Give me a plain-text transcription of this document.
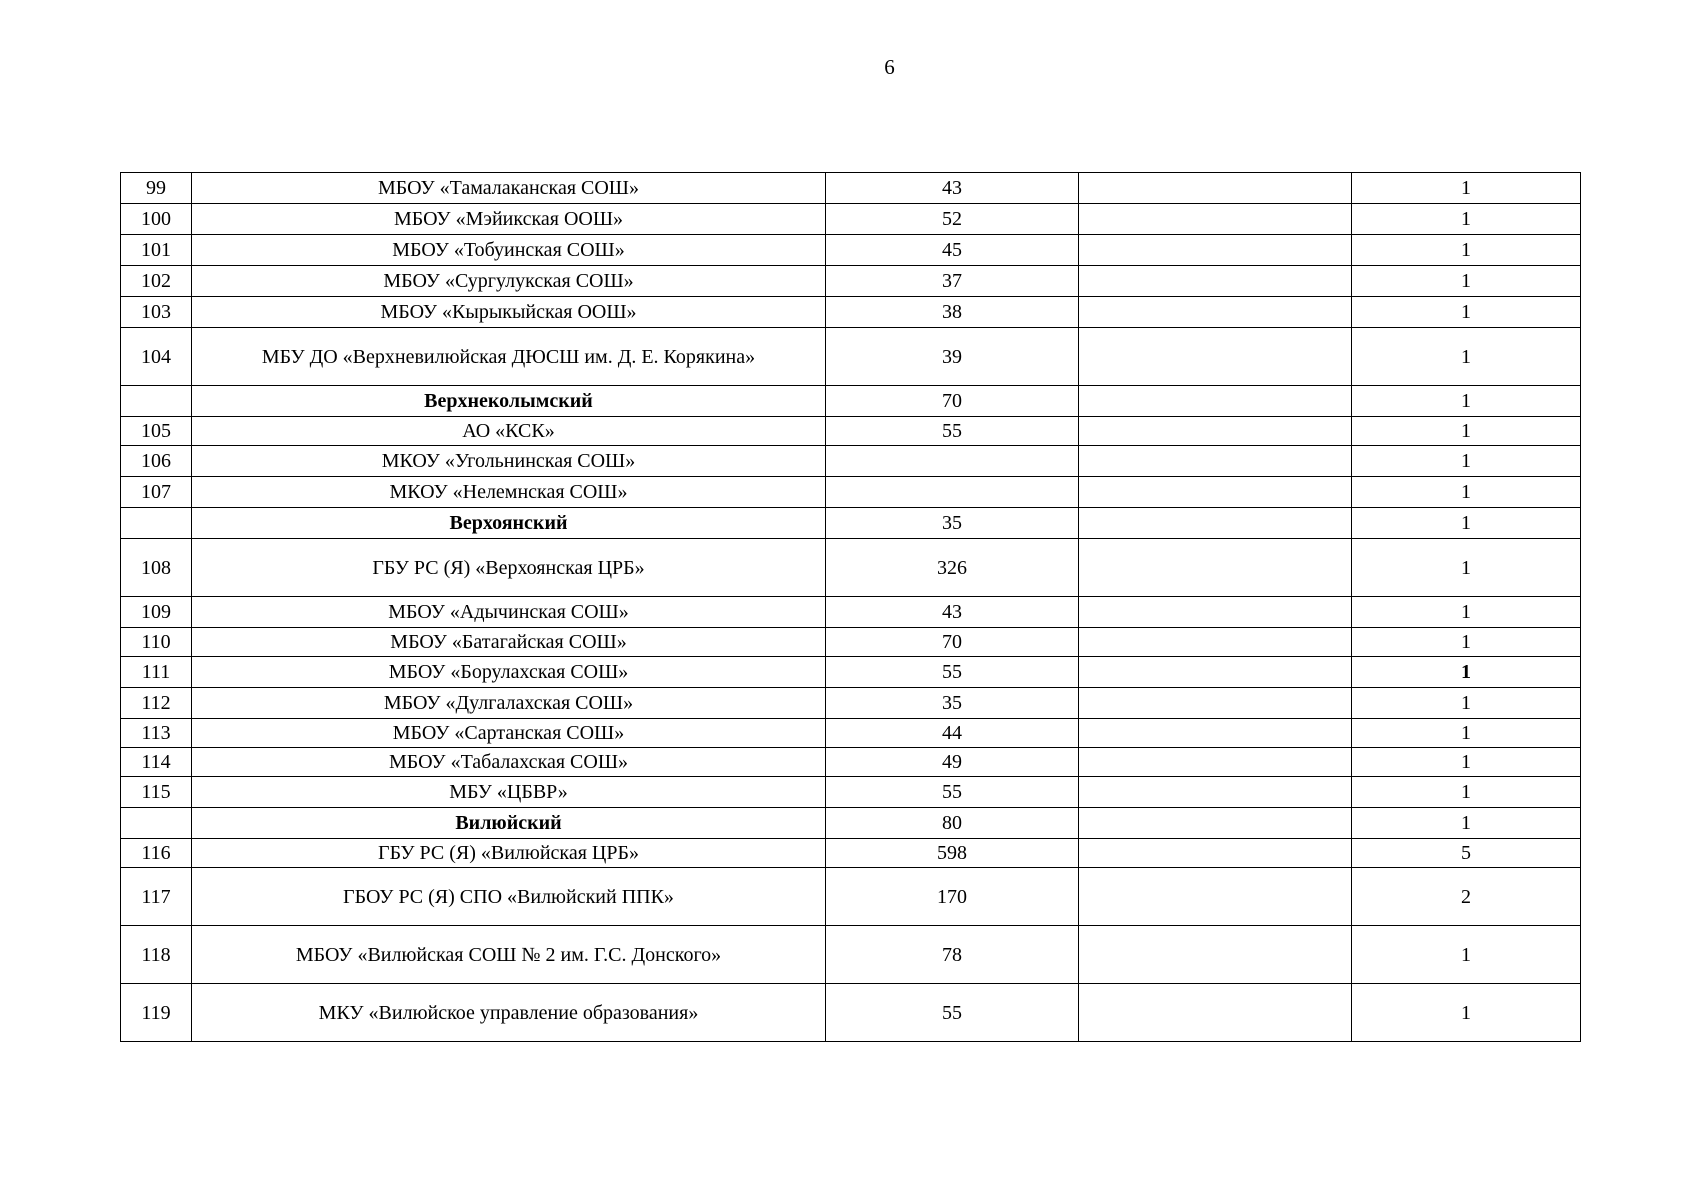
6
99	МБОУ «Тамалаканская СОШ»	43		1
100	МБОУ «Мэйикская ООШ»	52		1
101	МБОУ «Тобуинская СОШ»	45		1
102	МБОУ «Сургулукская СОШ»	37		1
103	МБОУ «Кырыкыйская ООШ»	38		1
104	МБУ ДО «Верхневилюйская ДЮСШ им. Д. Е. Корякина»	39		1
	Верхнеколымский	70		1
105	АО «КСК»	55		1
106	МКОУ «Угольнинская СОШ»			1
107	МКОУ «Нелемнская СОШ»			1
	Верхоянский	35		1
108	ГБУ РС (Я) «Верхоянская ЦРБ»	326		1
109	МБОУ «Адычинская СОШ»	43		1
110	МБОУ «Батагайская СОШ»	70		1
111	МБОУ «Борулахская СОШ»	55		1
112	МБОУ «Дулгалахская СОШ»	35		1
113	МБОУ «Сартанская СОШ»	44		1
114	МБОУ «Табалахская СОШ»	49		1
115	МБУ «ЦБВР»	55		1
	Вилюйский	80		1
116	ГБУ РС (Я) «Вилюйская ЦРБ»	598		5
117	ГБОУ РС (Я) СПО «Вилюйский ППК»	170		2
118	МБОУ «Вилюйская СОШ № 2 им. Г.С. Донского»	78		1
119	МКУ «Вилюйское управление образования»	55		1
